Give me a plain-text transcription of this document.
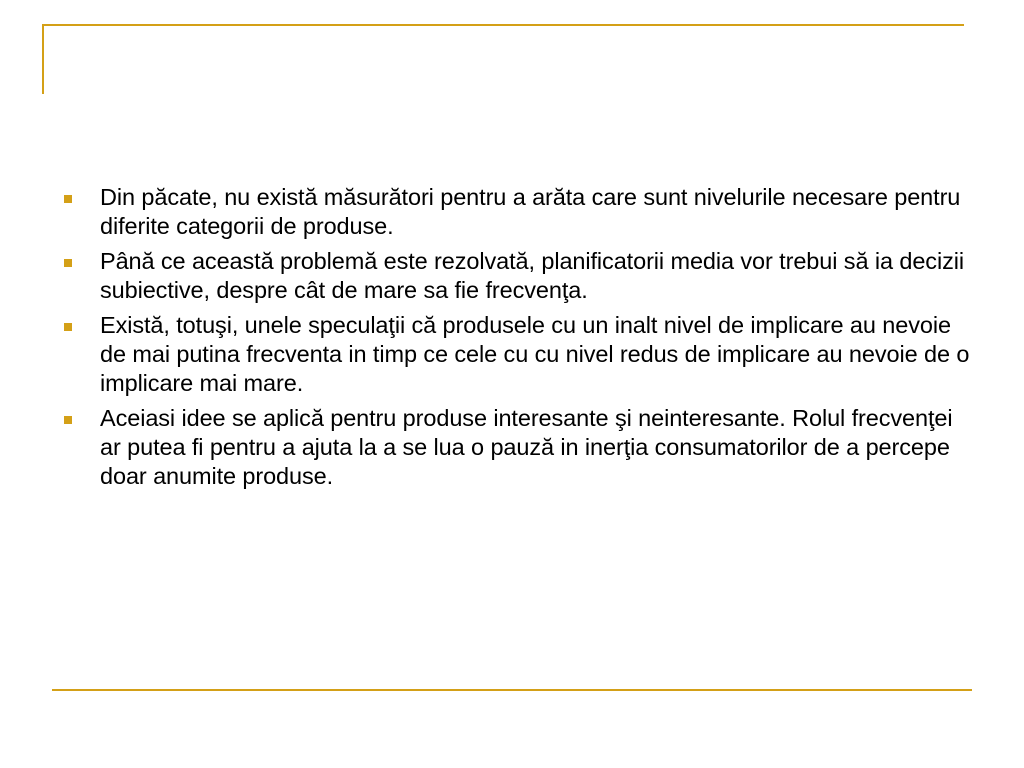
Din păcate, nu există măsurători pentru a arăta care sunt nivelurile necesare pentru diferite categorii de produse.
Până ce această problemă este rezolvată, planificatorii media vor trebui să ia decizii subiective, despre cât de mare sa fie frecvenţa.
Există, totuşi, unele speculaţii că produsele cu un inalt nivel de implicare au nevoie de mai putina frecventa in timp ce cele cu cu nivel redus de implicare au nevoie de o implicare mai mare.
Aceiasi idee se aplică pentru produse interesante şi neinteresante. Rolul frecvenţei ar putea fi pentru a ajuta la a se lua o pauză in inerţia consumatorilor de a percepe doar anumite produse.
